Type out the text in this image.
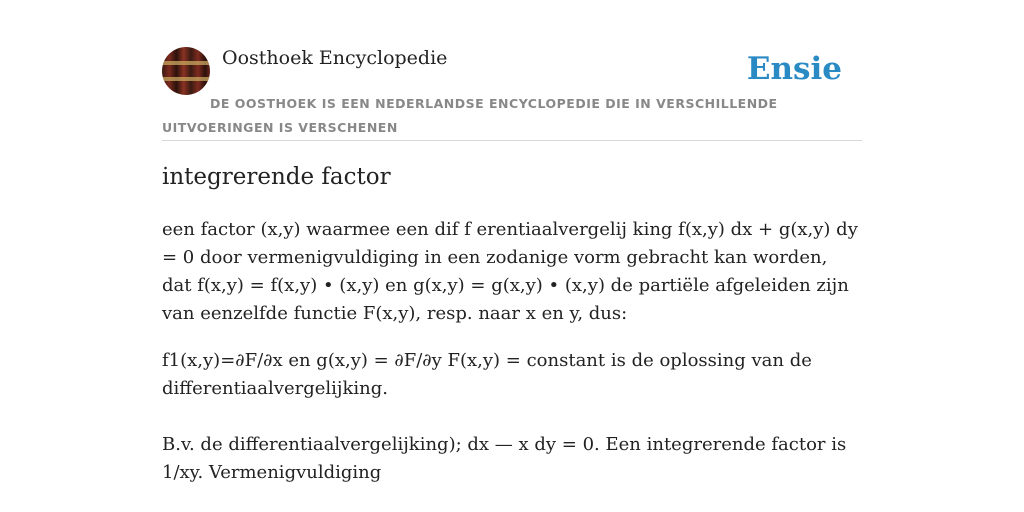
Oosthoek Encyclopedie	Ensie
DE OOSTHOEK IS EEN NEDERLANDSE ENCYCLOPEDIE DIE IN VERSCHILLENDE UITVOERINGEN IS VERSCHENEN
integrerende factor

een factor (x,y) waarmee een dif f erentiaalvergelij king f(x,y) dx + g(x,y) dy = 0 door vermenigvuldiging in een zodanige vorm gebracht kan worden, dat f(x,y) = f(x,y) • (x,y) en g(x,y) = g(x,y) • (x,y) de partiële afgeleiden zijn van eenzelfde functie F(x,y), resp. naar x en y, dus:

f1(x,y)=∂F/∂x en g(x,y) = ∂F/∂y F(x,y) = constant is de oplossing van de differentiaalvergelijking.

B.v. de differentiaalvergelijking); dx — x dy = 0. Een integrerende factor is 1/xy. Vermenigvuldiging
